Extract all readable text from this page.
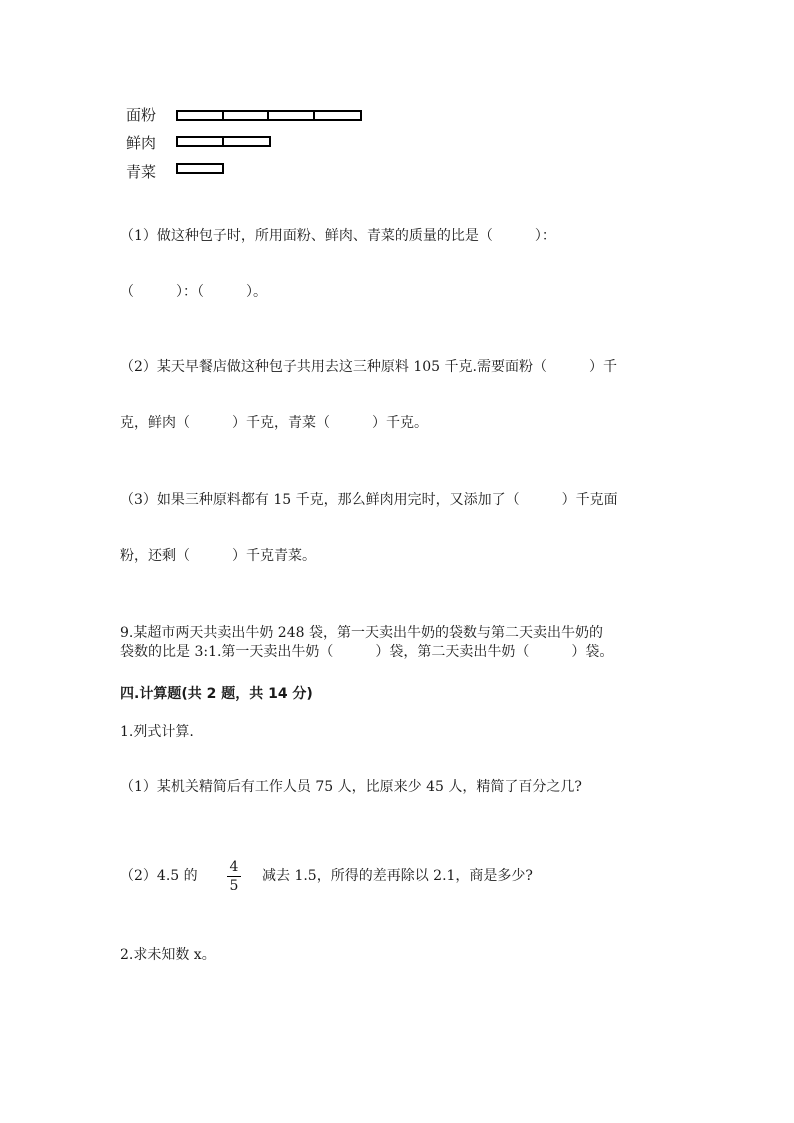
面粉
鲜肉
青菜
（1）做这种包子时，所用面粉、鲜肉、青菜的质量的比是（　　　）：
（　　　）：（　　　）。
（2）某天早餐店做这种包子共用去这三种原料 105 千克.需要面粉（　　　）千
克，鲜肉（　　　）千克，青菜（　　　）千克。
（3）如果三种原料都有 15 千克，那么鲜肉用完时，又添加了（　　　）千克面
粉，还剩（　　　）千克青菜。
9.某超市两天共卖出牛奶 248 袋，第一天卖出牛奶的袋数与第二天卖出牛奶的
袋数的比是 3:1.第一天卖出牛奶（　　　）袋，第二天卖出牛奶（　　　）袋。
四.计算题(共 2 题，共 14 分)
1.列式计算.
（1）某机关精简后有工作人员 75 人，比原来少 45 人，精简了百分之几?
（2）4.5 的
4
5
减去 1.5，所得的差再除以 2.1，商是多少?
2.求未知数 x。
